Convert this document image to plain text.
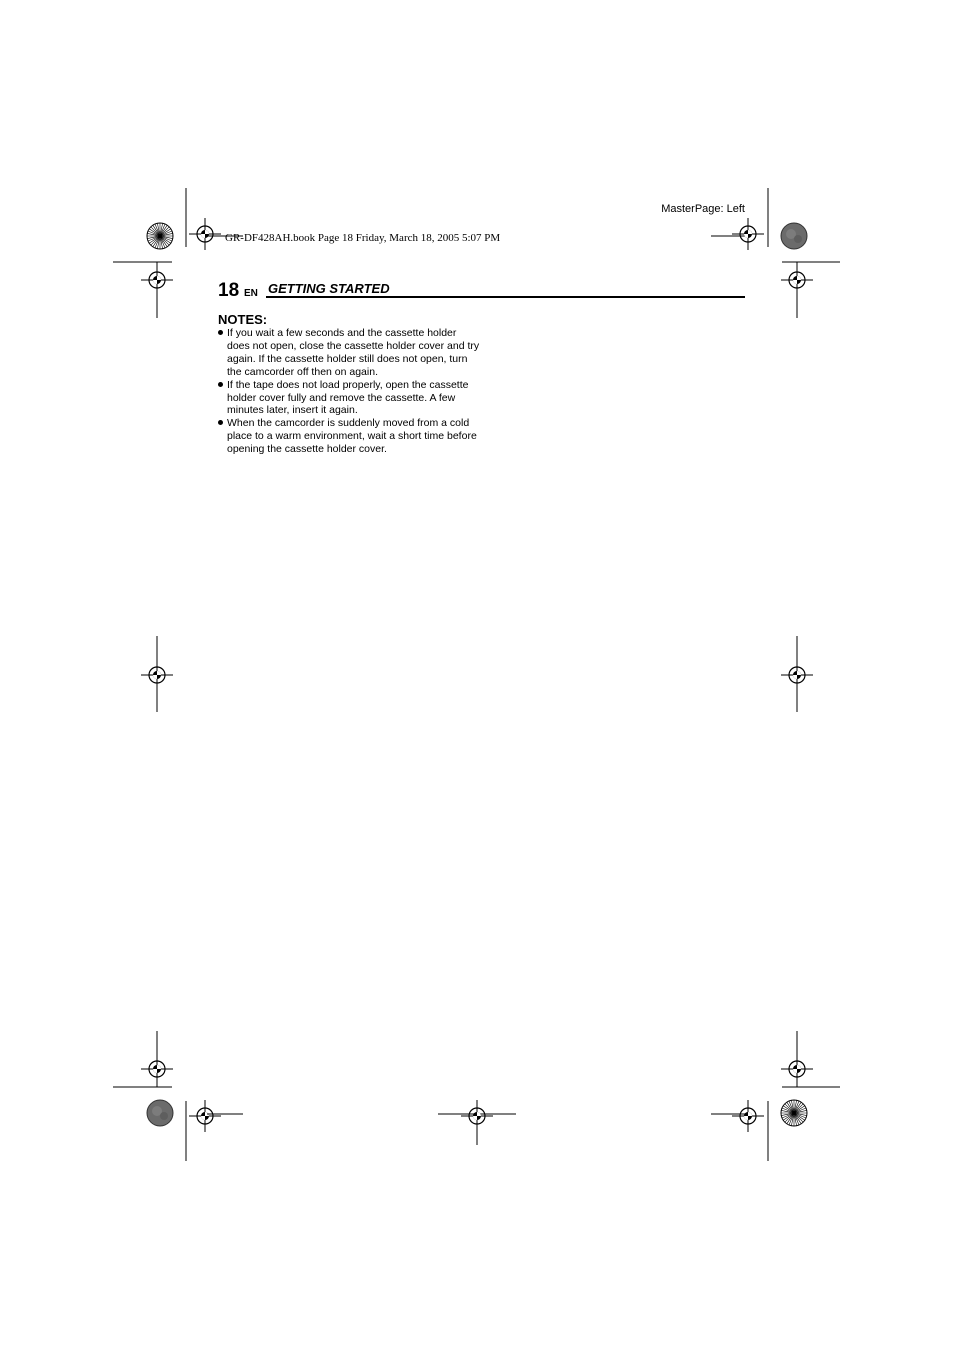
MasterPage: Left
GR-DF428AH.book Page 18 Friday, March 18, 2005 5:07 PM
18 EN GETTING STARTED
NOTES:
If you wait a few seconds and the cassette holder does not open, close the cassette holder cover and try again. If the cassette holder still does not open, turn the camcorder off then on again.
If the tape does not load properly, open the cassette holder cover fully and remove the cassette. A few minutes later, insert it again.
When the camcorder is suddenly moved from a cold place to a warm environment, wait a short time before opening the cassette holder cover.
